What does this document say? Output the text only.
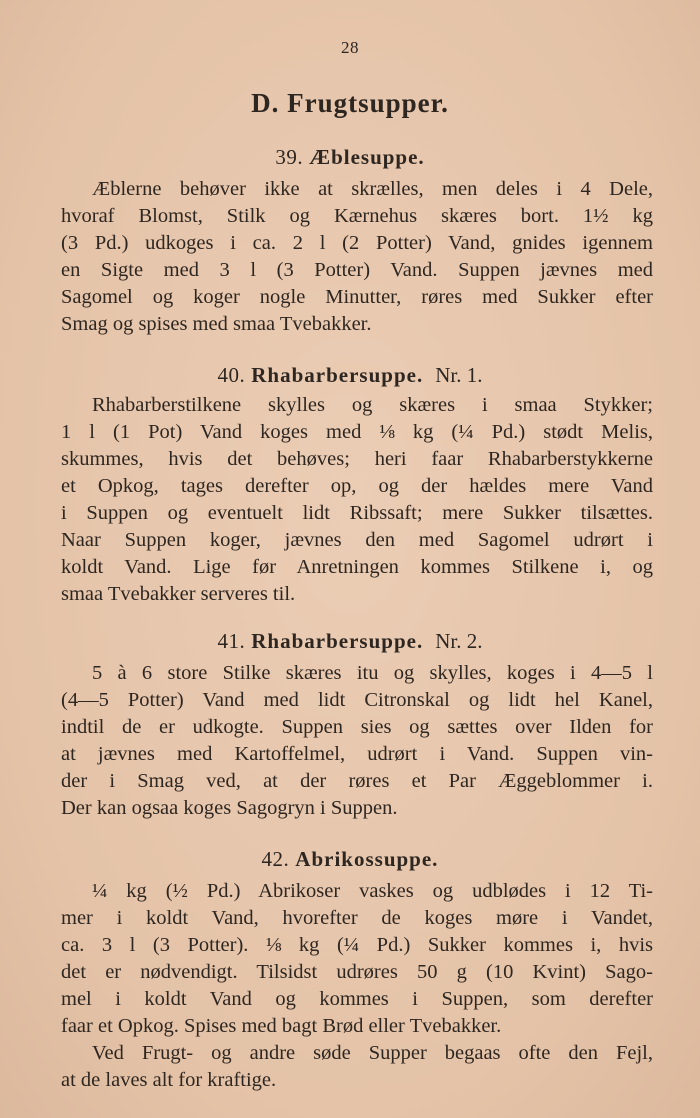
28
D. Frugtsupper.
39. Æblesuppe.
Æblerne behøver ikke at skrælles, men deles i 4 Dele,
hvoraf Blomst, Stilk og Kærnehus skæres bort. 1½ kg
(3 Pd.) udkoges i ca. 2 l (2 Potter) Vand, gnides igennem
en Sigte med 3 l (3 Potter) Vand. Suppen jævnes med
Sagomel og koger nogle Minutter, røres med Sukker efter
Smag og spises med smaa Tvebakker.
40. Rhabarbersuppe. Nr. 1.
Rhabarberstilkene skylles og skæres i smaa Stykker;
1 l (1 Pot) Vand koges med ⅛ kg (¼ Pd.) stødt Melis,
skummes, hvis det behøves; heri faar Rhabarberstykkerne
et Opkog, tages derefter op, og der hældes mere Vand
i Suppen og eventuelt lidt Ribssaft; mere Sukker tilsættes.
Naar Suppen koger, jævnes den med Sagomel udrørt i
koldt Vand. Lige før Anretningen kommes Stilkene i, og
smaa Tvebakker serveres til.
41. Rhabarbersuppe. Nr. 2.
5 à 6 store Stilke skæres itu og skylles, koges i 4—5 l
(4—5 Potter) Vand med lidt Citronskal og lidt hel Kanel,
indtil de er udkogte. Suppen sies og sættes over Ilden for
at jævnes med Kartoffelmel, udrørt i Vand. Suppen vin-
der i Smag ved, at der røres et Par Æggeblommer i.
Der kan ogsaa koges Sagogryn i Suppen.
42. Abrikossuppe.
¼ kg (½ Pd.) Abrikoser vaskes og udblødes i 12 Ti-
mer i koldt Vand, hvorefter de koges møre i Vandet,
ca. 3 l (3 Potter). ⅛ kg (¼ Pd.) Sukker kommes i, hvis
det er nødvendigt. Tilsidst udrøres 50 g (10 Kvint) Sago-
mel i koldt Vand og kommes i Suppen, som derefter
faar et Opkog. Spises med bagt Brød eller Tvebakker.
Ved Frugt- og andre søde Supper begaas ofte den Fejl,
at de laves alt for kraftige.
